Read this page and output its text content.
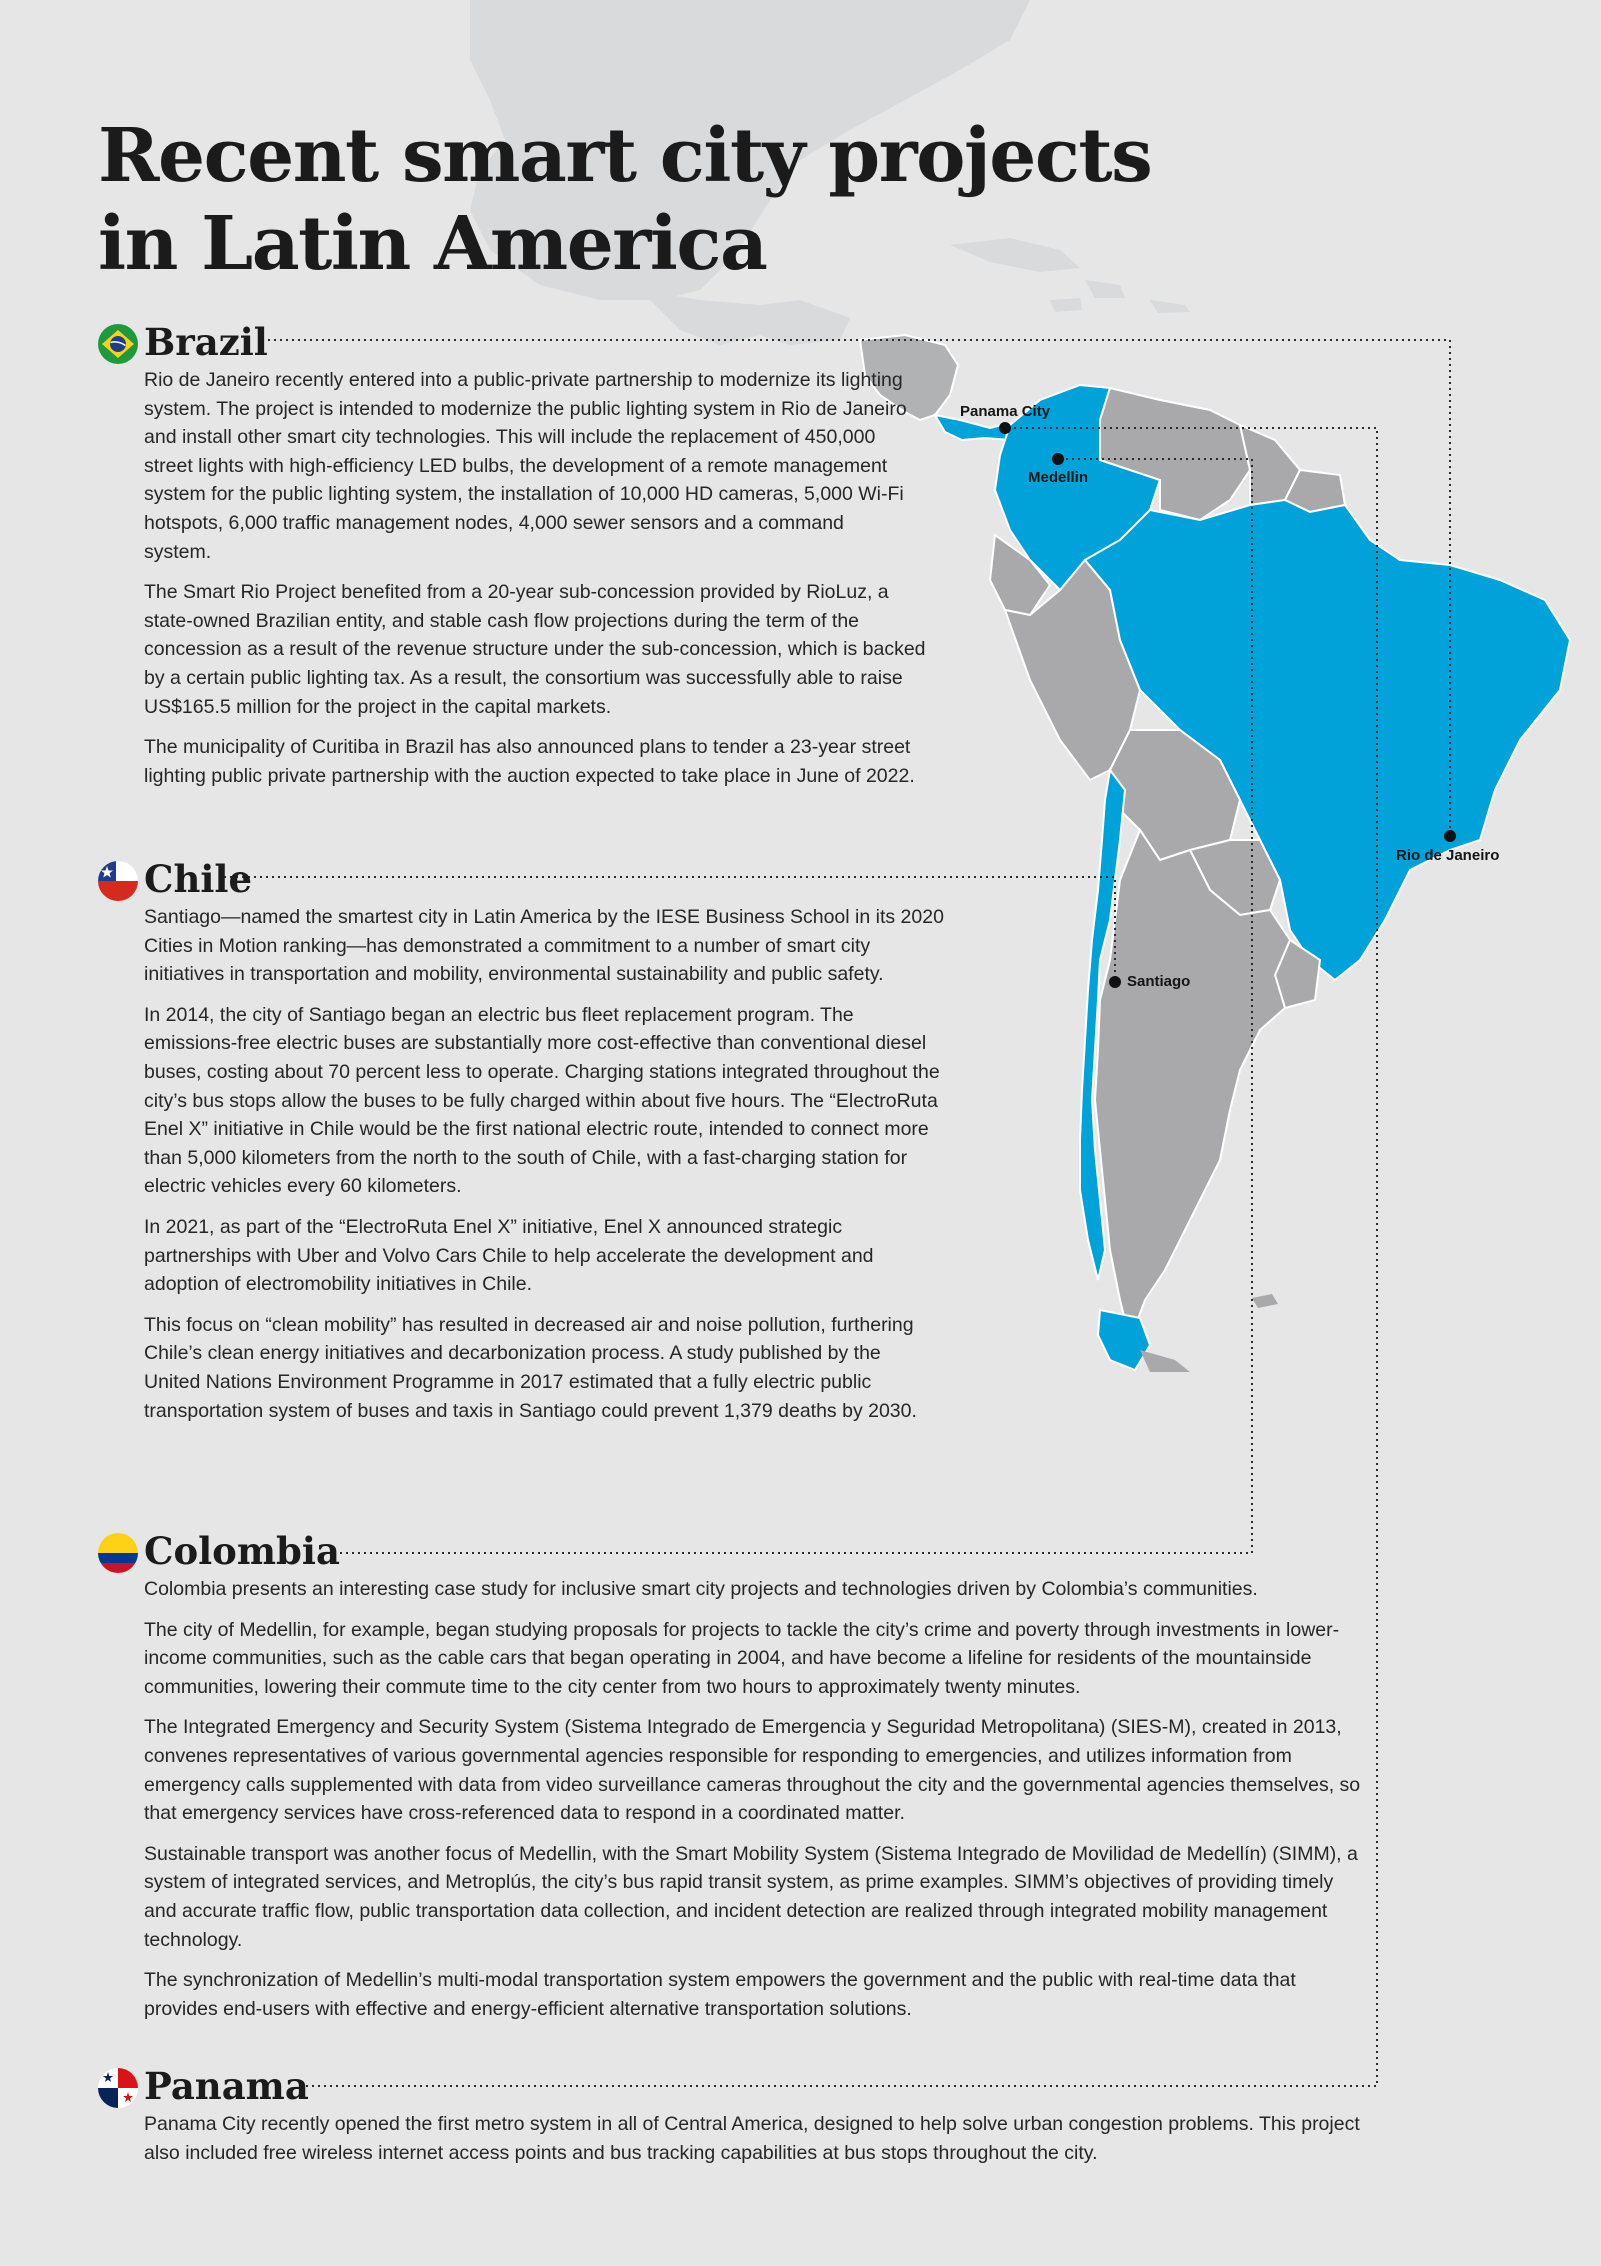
Recent smart city projects
in Latin America
Panama City
Medellin
Rio de Janeiro
Santiago
Brazil

Rio de Janeiro recently entered into a public-private partnership to modernize its lighting system. The project is intended to modernize the public lighting system in Rio de Janeiro and install other smart city technologies. This will include the replacement of 450,000 street lights with high-efficiency LED bulbs, the development of a remote management system for the public lighting system, the installation of 10,000 HD cameras, 5,000 Wi-Fi hotspots, 6,000 traffic management nodes, 4,000 sewer sensors and a command system.

The Smart Rio Project benefited from a 20-year sub-concession provided by RioLuz, a state-owned Brazilian entity, and stable cash flow projections during the term of the concession as a result of the revenue structure under the sub-concession, which is backed by a certain public lighting tax. As a result, the consortium was successfully able to raise US$165.5 million for the project in the capital markets.

The municipality of Curitiba in Brazil has also announced plans to tender a 23-year street lighting public private partnership with the auction expected to take place in June of 2022.

Chile

Santiago—named the smartest city in Latin America by the IESE Business School in its 2020 Cities in Motion ranking—has demonstrated a commitment to a number of smart city initiatives in transportation and mobility, environmental sustainability and public safety.

In 2014, the city of Santiago began an electric bus fleet replacement program. The emissions-free electric buses are substantially more cost-effective than conventional diesel buses, costing about 70 percent less to operate. Charging stations integrated throughout the city’s bus stops allow the buses to be fully charged within about five hours. The “ElectroRuta Enel X” initiative in Chile would be the first national electric route, intended to connect more than 5,000 kilometers from the north to the south of Chile, with a fast-charging station for electric vehicles every 60 kilometers.

In 2021, as part of the “ElectroRuta Enel X” initiative, Enel X announced strategic partnerships with Uber and Volvo Cars Chile to help accelerate the development and adoption of electromobility initiatives in Chile.

This focus on “clean mobility” has resulted in decreased air and noise pollution, furthering Chile’s clean energy initiatives and decarbonization process. A study published by the United Nations Environment Programme in 2017 estimated that a fully electric public transportation system of buses and taxis in Santiago could prevent 1,379 deaths by 2030.

Colombia

Colombia presents an interesting case study for inclusive smart city projects and technologies driven by Colombia’s communities.

The city of Medellin, for example, began studying proposals for projects to tackle the city’s crime and poverty through investments in lower-income communities, such as the cable cars that began operating in 2004, and have become a lifeline for residents of the mountainside communities, lowering their commute time to the city center from two hours to approximately twenty minutes.

The Integrated Emergency and Security System (Sistema Integrado de Emergencia y Seguridad Metropolitana) (SIES-M), created in 2013, convenes representatives of various governmental agencies responsible for responding to emergencies, and utilizes information from emergency calls supplemented with data from video surveillance cameras throughout the city and the governmental agencies themselves, so that emergency services have cross-referenced data to respond in a coordinated matter.

Sustainable transport was another focus of Medellin, with the Smart Mobility System (Sistema Integrado de Movilidad de Medellín) (SIMM), a system of integrated services, and Metroplús, the city’s bus rapid transit system, as prime examples. SIMM’s objectives of providing timely and accurate traffic flow, public transportation data collection, and incident detection are realized through integrated mobility management technology.

The synchronization of Medellin’s multi-modal transportation system empowers the government and the public with real-time data that provides end-users with effective and energy-efficient alternative transportation solutions.

Panama

Panama City recently opened the first metro system in all of Central America, designed to help solve urban congestion problems. This project also included free wireless internet access points and bus tracking capabilities at bus stops throughout the city.
